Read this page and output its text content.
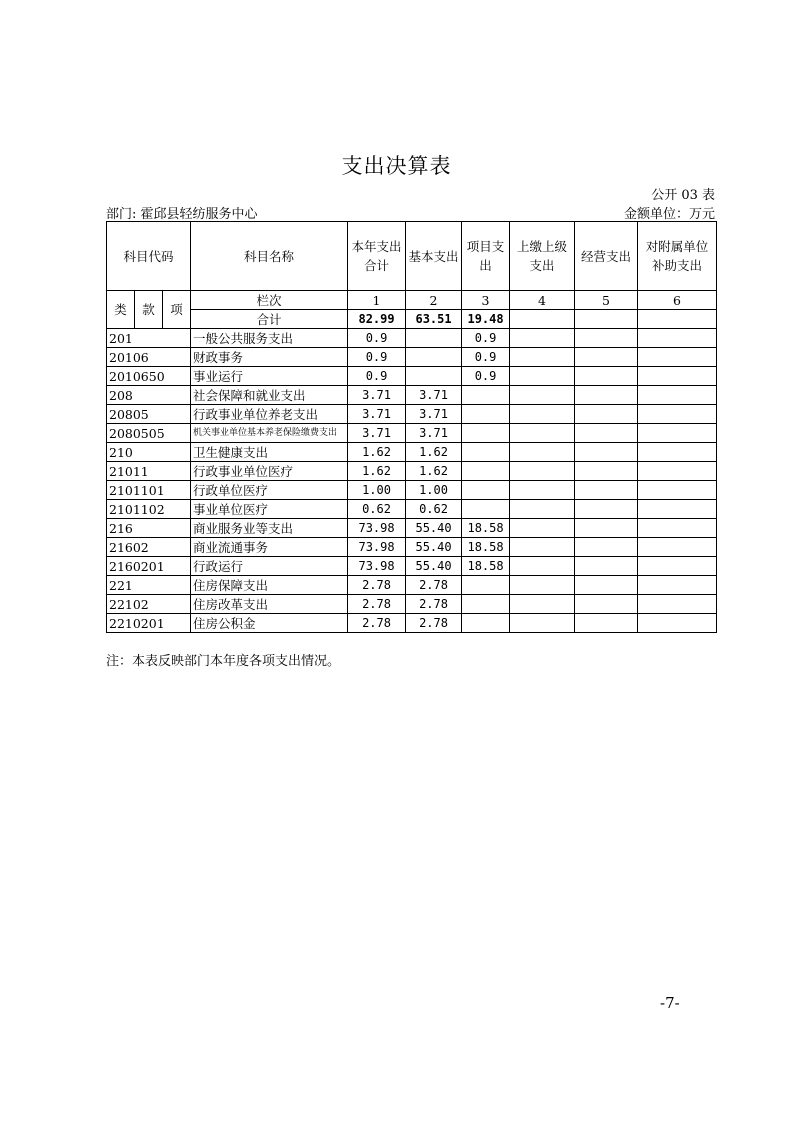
支出决算表
公开 03 表
部门: 霍邱县轻纺服务中心	金额单位：万元
科目代码			科目名称	本年支出合计	基本支出	项目支出	上缴上级支出	经营支出	对附属单位补助支出
类	款	项	栏次	1	2	3	4	5	6
			合计	82.99	63.51	19.48			
201			一般公共服务支出	0.9		0.9			
20106			财政事务	0.9		0.9			
2010650			事业运行	0.9		0.9			
208			社会保障和就业支出	3.71	3.71				
20805			行政事业单位养老支出	3.71	3.71				
2080505			机关事业单位基本养老保险缴费支出	3.71	3.71				
210			卫生健康支出	1.62	1.62				
21011			行政事业单位医疗	1.62	1.62				
2101101			行政单位医疗	1.00	1.00				
2101102			事业单位医疗	0.62	0.62				
216			商业服务业等支出	73.98	55.40	18.58			
21602			商业流通事务	73.98	55.40	18.58			
2160201			行政运行	73.98	55.40	18.58			
221			住房保障支出	2.78	2.78				
22102			住房改革支出	2.78	2.78				
2210201			住房公积金	2.78	2.78				
注：本表反映部门本年度各项支出情况。
-7-
